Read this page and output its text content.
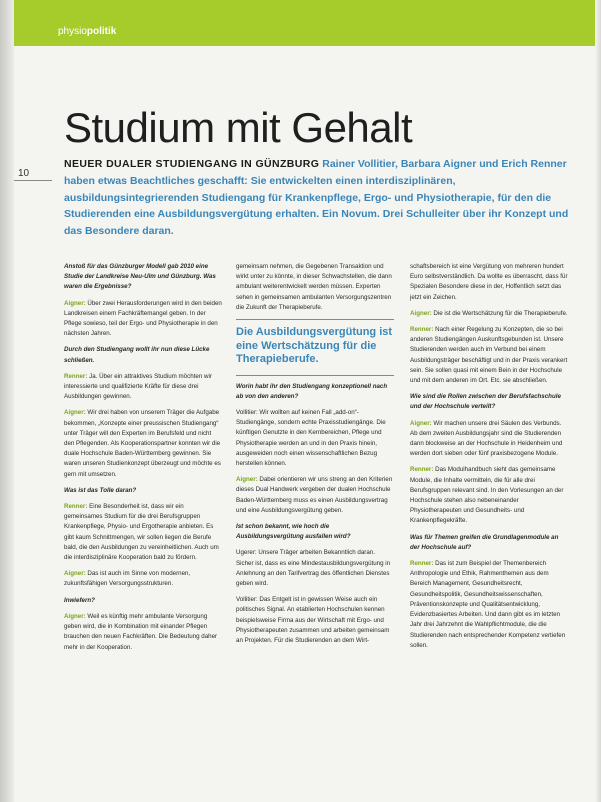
physiopolitik
Studium mit Gehalt
10
NEUER DUALER STUDIENGANG IN GÜNZBURG Rainer Vollitier, Barbara Aigner und Erich Renner haben etwas Beachtliches geschafft: Sie entwickelten einen interdisziplinären, ausbildungsintegrierenden Studiengang für Krankenpflege, Ergo- und Physiotherapie, für den die Studierenden eine Ausbildungsvergütung erhalten. Ein Novum. Drei Schulleiter über ihr Konzept und das Besondere daran.

Anstoß für das Günzburger Modell gab 2010 eine Studie der Landkreise Neu-Ulm und Günzburg. Was waren die Ergebnisse?

Aigner: Über zwei Herausforderungen wird in den beiden Landkreisen einem Fachkräftemangel geben. In der Pflege sowieso, teil der Ergo- und Physiotherapie in den nächsten Jahren.

Durch den Studiengang wollt ihr nun diese Lücke schließen.

Renner: Ja. Über ein attraktives Studium möchten wir interessierte und qualifizierte Kräfte für diese drei Ausbildungen gewinnen.

Aigner: Wir drei haben von unserem Träger die Aufgabe bekommen, „Konzepte einer preussischen Studiengang“ unter Träger will den Experten im Berufsfeld und nicht den Pflegenden. Als Kooperationspartner konnten wir die duale Hochschule Baden-Württemberg gewinnen. Sie waren unseren Studienkonzept überzeugt und möchte es gern mit umsetzen.

Was ist das Tolle daran?

Renner: Eine Besonderheit ist, dass wir ein gemeinsames Studium für die drei Berufsgruppen Krankenpflege, Physio- und Ergotherapie anbieten. Es gibt kaum Schnittmengen, wir sollen liegen die Berufe bald, die den Ausbildungen zu vereinheitlichen. Auch um die interdisziplinäre Kooperation bald zu fördern.

Aigner: Das ist auch im Sinne von modernen, zukunftsfähigen Versorgungsstrukturen.

Inwiefern?

Aigner: Weil es künftig mehr ambulante Versorgung geben wird, die in Kombination mit einander Pflegen brauchen den neuen Fachkräften. Die Bedeutung daher mehr in der Kooperation.

gemeinsam nehmen, die Gegebenen Transaktion und wirkt unter zu könnte, in dieser Schwachstellen, die dann ambulant weiterentwickelt werden müssen. Experten sehen in gemeinsamen ambulanten Versorgungszentren die Zukunft der Therapieberufe.

Die Ausbildungsvergütung ist eine Wertschätzung für die Therapieberufe.

Worin habt ihr den Studiengang konzeptionell nach ab von den anderen?

Vollitier: Wir wollten auf keinen Fall „add-on“-Studiengänge, sondern echte Praxisstudiengänge. Die künftigen Genutzte in den Kernbereichen, Pflege und Physiotherapie werden an und in den Praxis hinein, ausgeweiden noch einen wissenschaftlichen Bezug herstellen können.

Aigner: Dabei orientieren wir uns streng an den Kriterien dieses Dual Handwerk vergeben der dualen Hochschule Baden-Württemberg muss es einen Ausbildungsvertrag und eine Ausbildungsvergütung geben.

Ist schon bekannt, wie hoch die Ausbildungsvergütung ausfallen wird?

Ugerer: Unsere Träger arbeiten Bekanntlich daran. Sicher ist, dass es eine Mindestausbildungsvergütung in Anlehnung an den Tarifvertrag des öffentlichen Dienstes geben wird.

Vollitier: Das Entgelt ist in gewissen Weise auch ein politisches Signal. An etablierten Hochschulen kennen beispielsweise Firma aus der Wirtschaft mit Ergo- und Physiotherapeuten zusammen und arbeiten gemeinsam an Projekten. Für die Studierenden an dem Wirt-

schaftsbereich ist eine Vergütung von mehreren hundert Euro selbstverständlich. Da wollte es überrascht, dass für Spezialen Besondere diese in der, Hoffentlich setzt das jetzt ein Zeichen.

Aigner: Die ist die Wertschätzung für die Therapieberufe.

Renner: Nach einer Regelung zu Konzepten, die so bei anderen Studiengängen Auskunftsgebunden ist. Unsere Studierenden werden auch im Verbund bei einem Ausbildungsträger beschäftigt und in der Praxis verankert sein. Sie sollen quasi mit einem Bein in der Hochschule und mit dem anderen im Ort. Etc. sie abschließen.

Wie sind die Rollen zwischen der Berufsfachschule und der Hochschule verteilt?

Aigner: Wir machen unsere drei Säulen des Verbunds. Ab dem zweiten Ausbildungsjahr sind die Studierenden dann blockweise an der Hochschule in Heidenheim und werden dort sieben oder fünf praxisbezogene Module.

Renner: Das Modulhandbuch sieht das gemeinsame Module, die Inhalte vermitteln, die für alle drei Berufsgruppen relevant sind. In den Vorlesungen an der Hochschule stehen also nebeneinander Physiotherapeuten und Gesundheits- und Krankenpflegekräfte.

Was für Themen greifen die Grundlagenmodule an der Hochschule auf?

Renner: Das ist zum Beispiel der Themenbereich Anthropologie und Ethik, Rahmenthemen aus dem Bereich Management, Gesundheitsrecht, Gesundheitspolitik, Gesundheitswissenschaften, Präventionskonzepte und Qualitätsentwicklung, Evidenzbasiertes Arbeiten. Und dann gibt es im letzten Jahr drei Jahrzehnt die Wahlpflichtmodule, die die Studierenden nach entsprechender Kompetenz vertiefen sollen.
